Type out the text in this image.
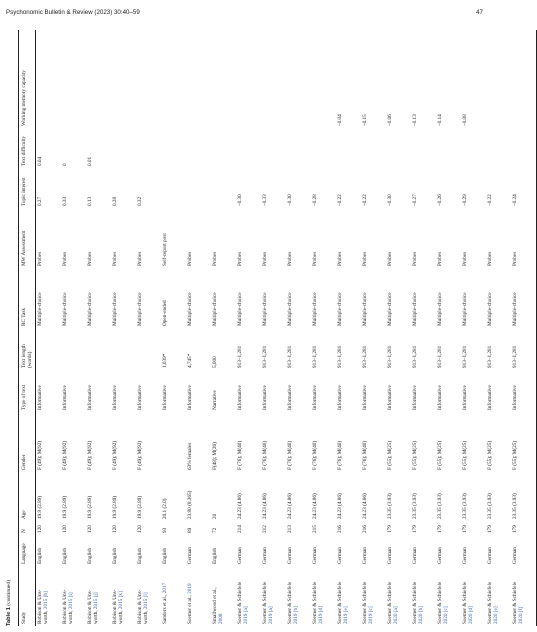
Psychonomic Bulletin & Review (2023) 30:40–59	47
Table 1 (continued)
Study	Language	N	Age	Gender	Type of text	Text length (words)	RC Task	MW Assessment	Topic interest	Text difficulty	Working memory capacity
Robison & Uns-
worth, 2015 [h]	English	120	19.9 (2.89)	F (49); M(92)	Informative		Multiple-choice	Probes	0.27	0.04	
Robison & Uns-
worth, 2015 [i]	English	120	19.9 (2.89)	F (49); M(92)	Informative		Multiple-choice	Probes	0.33	0	
Robison & Uns-
worth, 2015 [j]	English	120	19.9 (2.89)	F (49); M(92)	Informative		Multiple-choice	Probes	0.13	0.01	
Robison & Uns-
worth, 2015 [k]	English	120	19.9 (2.89)	F (49); M(92)	Informative		Multiple-choice	Probes	0.28		
Robison & Uns-
worth, 2015 [l]	English	120	19.9 (2.89)	F (49); M(92)	Informative		Multiple-choice	Probes	0.32		
Sanders et al., 2017	English	93	20.1 (2.0)		Informative	1,039*	Open-ended	Self-report post			
Soemer et al., 2019	German	89	23.80 (8.365)	63% females	Informative	4,745*	Multiple-choice	Probes			
Smallwood et al.,
2008	English	72	20	F(48); M(26)	Narrative	5,000	Multiple-choice	Probes			
Soemer & Schiefele
2019 [a]	German	214	24.23 (4.86)	F (76); M(40)	Informative	913–1,281	Multiple-choice	Probes	–0.30		
Soemer & Schiefele
2019 [a]	German	212	24.23 (4.86)	F (76); M(40)	Informative	913–1,281	Multiple-choice	Probes	–0.33		
Soemer & Schiefele
2019 [b]	German	213	24.23 (4.86)	F (76); M(40)	Informative	913–1,281	Multiple-choice	Probes	–0.30		
Soemer & Schiefele
2019 [d]	German	215	24.23 (4.86)	F (76); M(40)	Informative	913–1,281	Multiple-choice	Probes	–0.28		
Soemer & Schiefele
2019 [e]	German	216	24.23 (4.86)	F (76); M(40)	Informative	913–1,281	Multiple-choice	Probes	–0.22		–0.04
Soemer & Schiefele
2019 [c]	German	216	24.23 (4.86)	F (76); M(40)	Informative	913–1,281	Multiple-choice	Probes	–0.22		–0.15
Soemer & Schiefele
2020 [a]	German	179	23.35 (3.93)	F (55); M(25)	Informative	913–1,281	Multiple-choice	Probes	–0.30		–0.06
Soemer & Schiefele
2020 [b]	German	179	23.35 (3.93)	F (55); M(25)	Informative	913–1,281	Multiple-choice	Probes	–0.27		–0.13
Soemer & Schiefele
2020 [c]	German	179	23.35 (3.93)	F (55); M(25)	Informative	913–1,281	Multiple-choice	Probes	–0.26		–0.14
Soemer & Schiefele
2020 [d]	German	179	23.35 (3.93)	F (55); M(25)	Informative	913–1,281	Multiple-choice	Probes	–0.29		–0.08
Soemer & Schiefele
2020 [e]	German	179	23.35 (3.93)	F (55); M(25)	Informative	913–1,281	Multiple-choice	Probes	–0.22		
Soemer & Schiefele
2020 [f]	German	179	23.35 (3.93)	F (55); M(25)	Informative	913–1,281	Multiple-choice	Probes	–0.24		
